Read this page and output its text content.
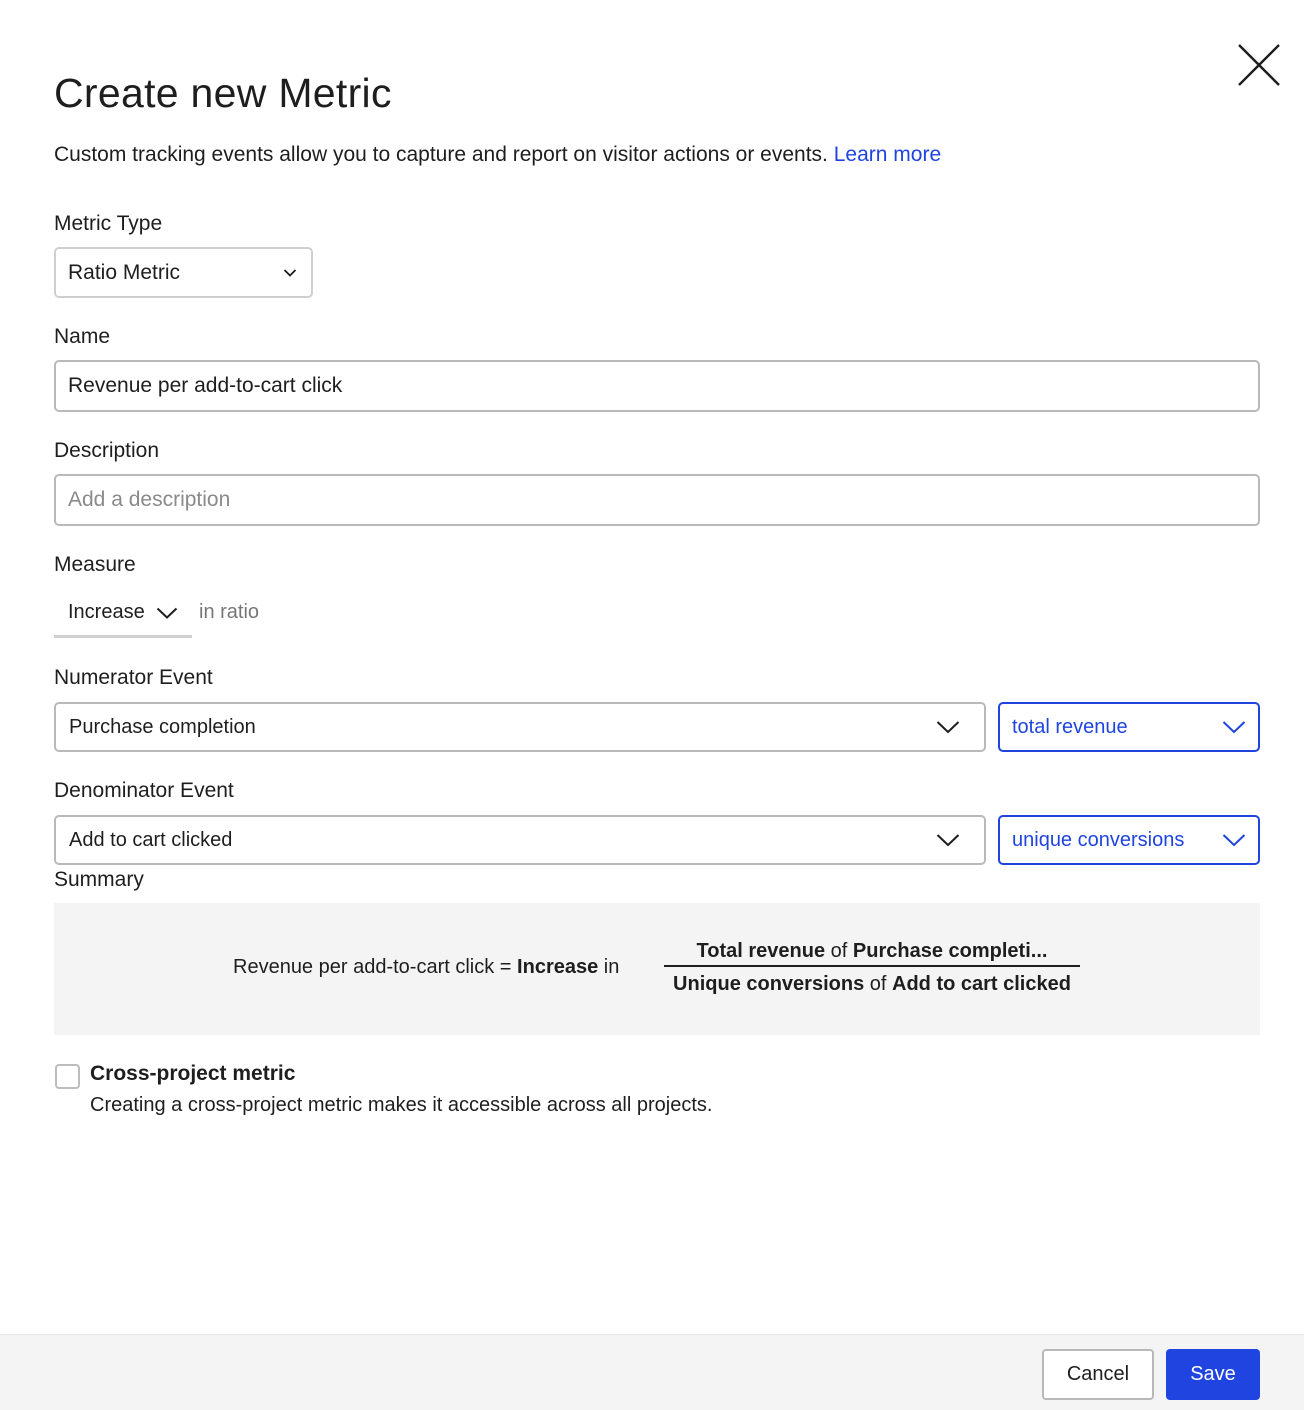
Create new Metric

Custom tracking events allow you to capture and report on visitor actions or events. Learn more

Metric Type
Ratio Metric
Name
Revenue per add-to-cart click
Description
Add a description
Measure
Increase	in ratio
Numerator Event
Purchase completion	total revenue
Denominator Event
Add to cart clicked	unique conversions
Summary
Revenue per add-to-cart click = Increase in
Total revenue of Purchase completi...
Unique conversions of Add to cart clicked
Cross-project metric
Creating a cross-project metric makes it accessible across all projects.
Cancel	Save
